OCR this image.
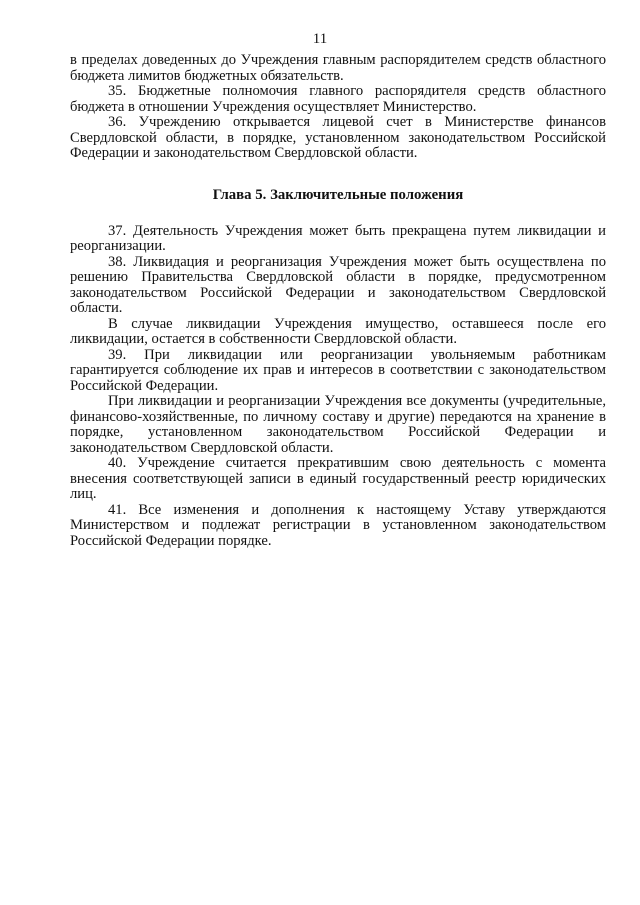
11

в пределах доведенных до Учреждения главным распорядителем средств областного бюджета лимитов бюджетных обязательств.

35. Бюджетные полномочия главного распорядителя средств областного бюджета в отношении Учреждения осуществляет Министерство.

36. Учреждению открывается лицевой счет в Министерстве финансов Свердловской области, в порядке, установленном законодательством Российской Федерации и законодательством Свердловской области.

Глава 5. Заключительные положения

37. Деятельность Учреждения может быть прекращена путем ликвидации и реорганизации.

38. Ликвидация и реорганизация Учреждения может быть осуществлена по решению Правительства Свердловской области в порядке, предусмотренном законодательством Российской Федерации и законодательством Свердловской области.

В случае ликвидации Учреждения имущество, оставшееся после его ликвидации, остается в собственности Свердловской области.

39. При ликвидации или реорганизации увольняемым работникам гарантируется соблюдение их прав и интересов в соответствии с законодательством Российской Федерации.

При ликвидации и реорганизации Учреждения все документы (учредительные, финансово-хозяйственные, по личному составу и другие) передаются на хранение в порядке, установленном законодательством Российской Федерации и законодательством Свердловской области.

40. Учреждение считается прекратившим свою деятельность с момента внесения соответствующей записи в единый государственный реестр юридических лиц.

41. Все изменения и дополнения к настоящему Уставу утверждаются Министерством и подлежат регистрации в установленном законодательством Российской Федерации порядке.
